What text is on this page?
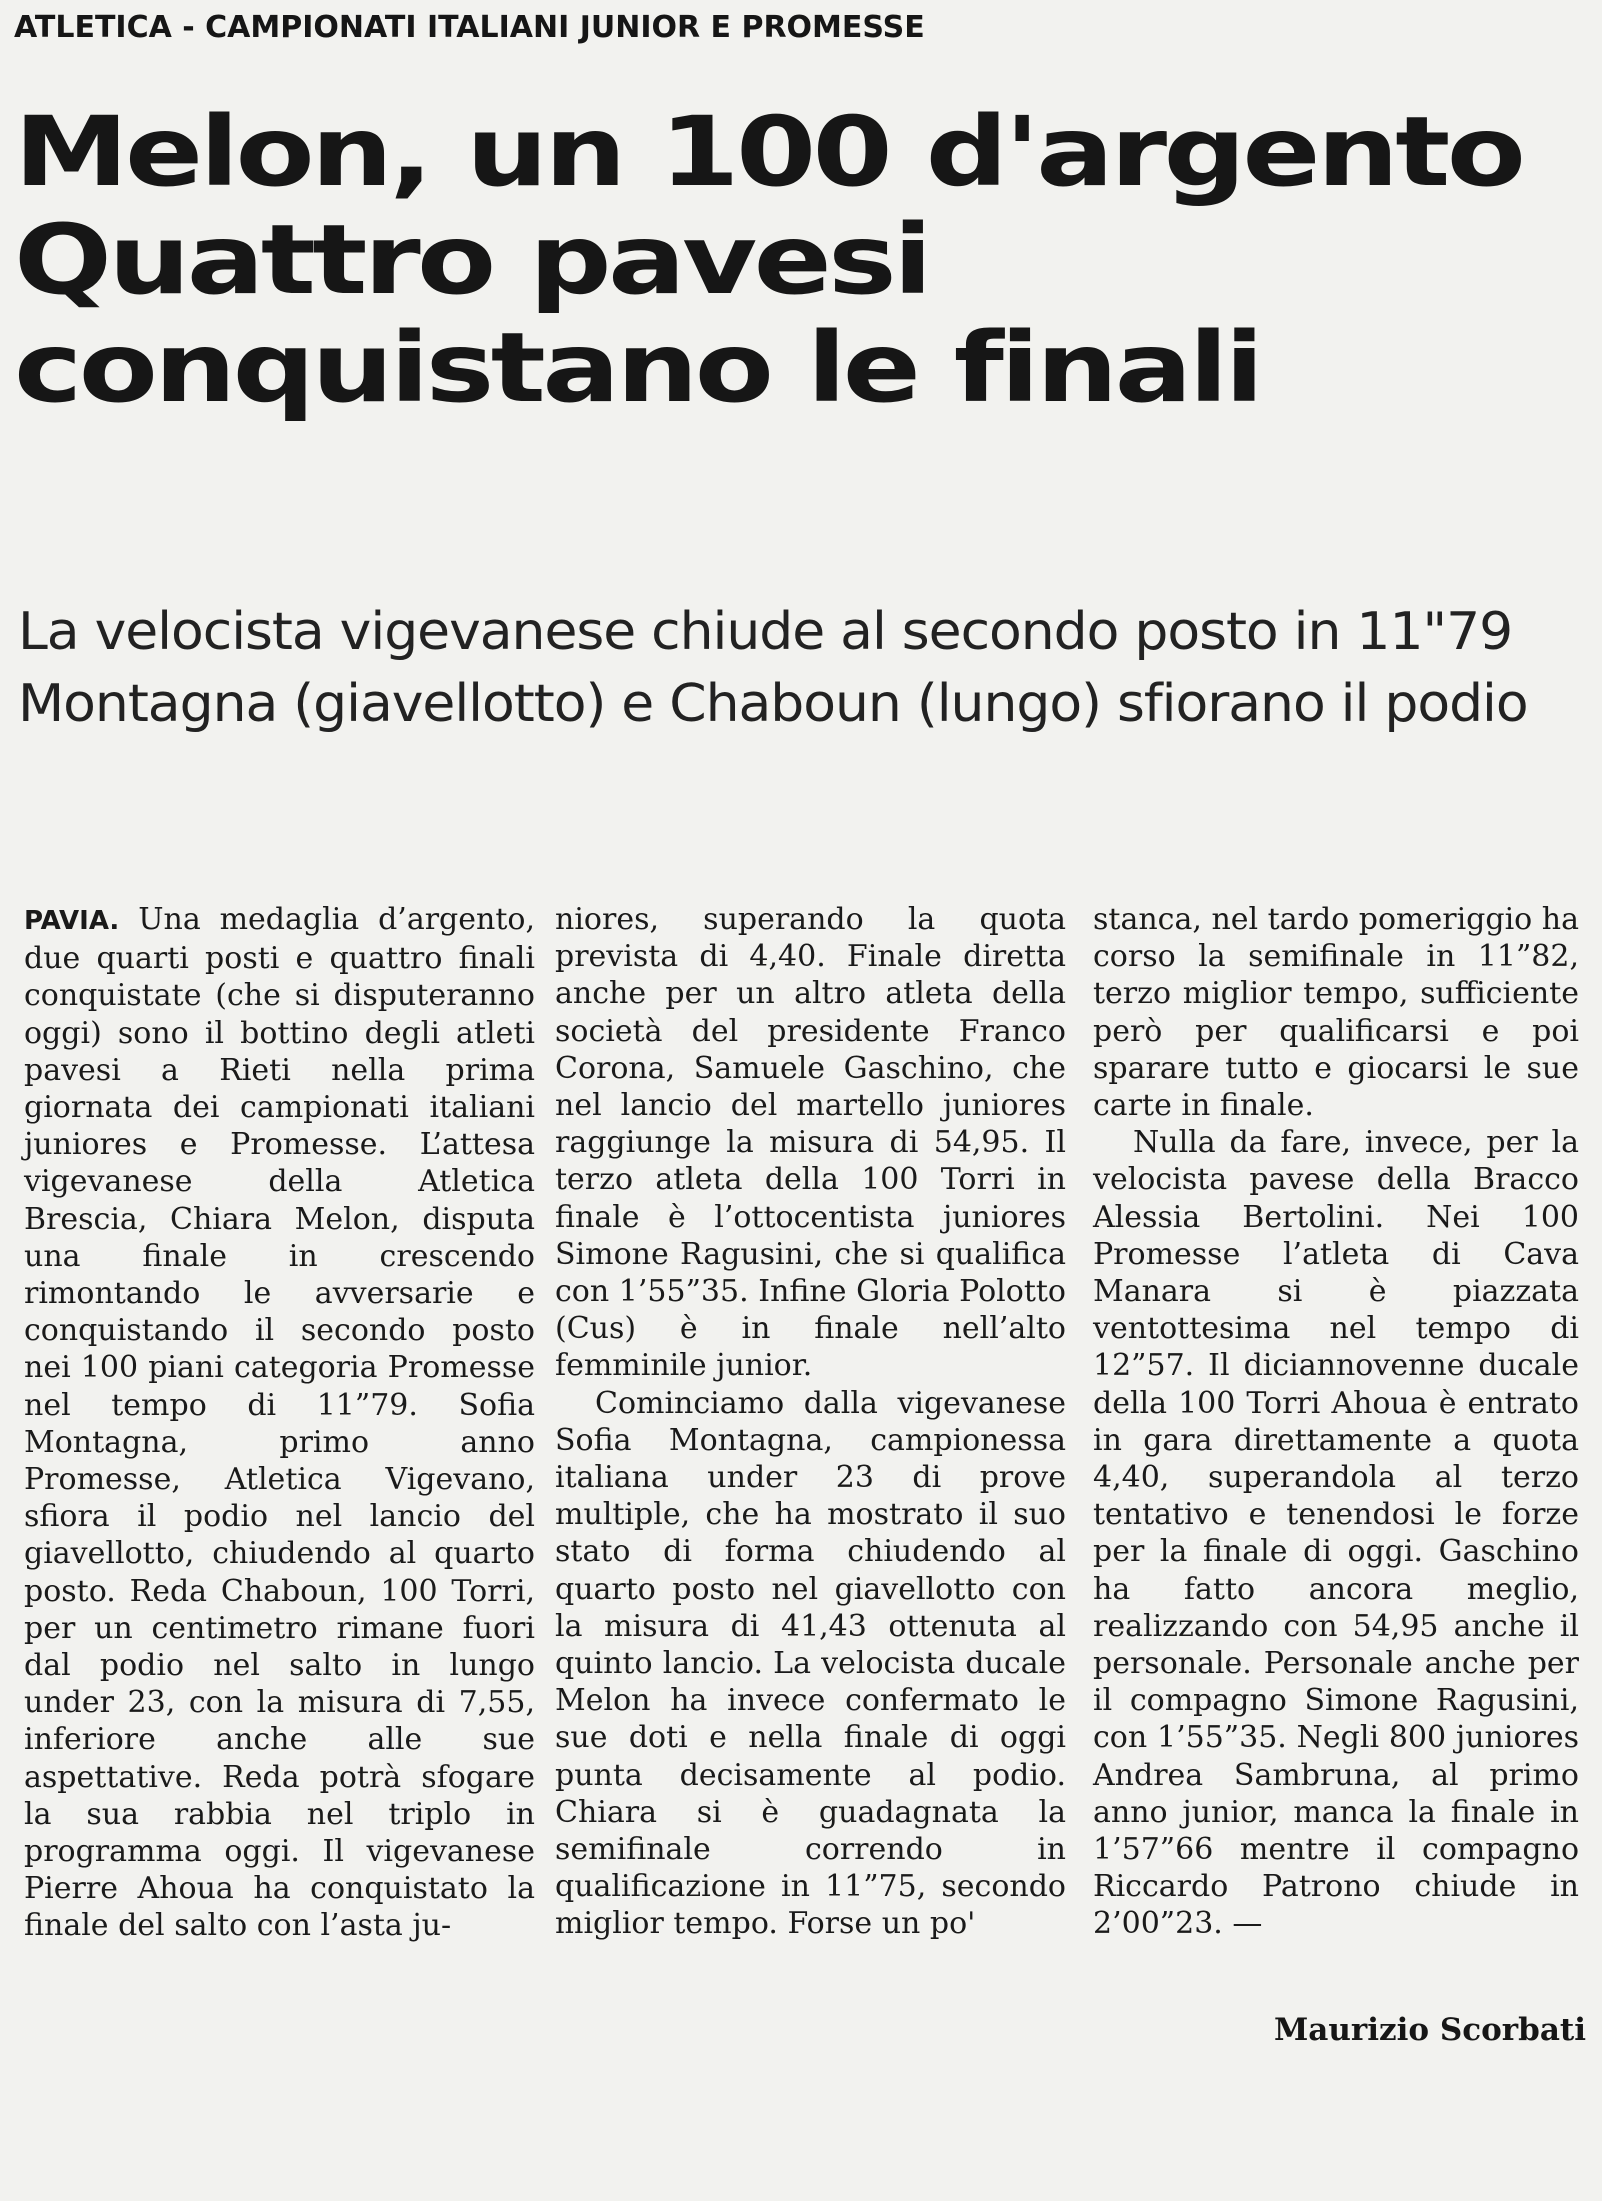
ATLETICA - CAMPIONATI ITALIANI JUNIOR E PROMESSE
Melon, un 100 d'argento
Quattro pavesi
conquistano le finali
La velocista vigevanese chiude al secondo posto in 11"79
Montagna (giavellotto) e Chaboun (lungo) sfiorano il podio

PAVIA. Una medaglia d’argento, due quarti posti e quattro finali conquistate (che si disputeranno oggi) sono il bottino degli atleti pavesi a Rieti nella prima giornata dei campionati italiani juniores e Promesse. L’attesa vigevanese della Atletica Brescia, Chiara Melon, disputa una finale in crescendo rimontando le avversarie e conquistando il secondo posto nei 100 piani categoria Promesse nel tempo di 11”79. Sofia Montagna, primo anno Promesse, Atletica Vigevano, sfiora il podio nel lancio del giavellotto, chiudendo al quarto posto. Reda Chaboun, 100 Torri, per un centimetro rimane fuori dal podio nel salto in lungo under 23, con la misura di 7,55, inferiore anche alle sue aspettative. Reda potrà sfogare la sua rabbia nel triplo in programma oggi. Il vigevanese Pierre Ahoua ha conquistato la finale del salto con l’asta ju-

niores, superando la quota prevista di 4,40. Finale diretta anche per un altro atleta della società del presidente Franco Corona, Samuele Gaschino, che nel lancio del martello juniores raggiunge la misura di 54,95. Il terzo atleta della 100 Torri in finale è l’ottocentista juniores Simone Ragusini, che si qualifica con 1’55”35. Infine Gloria Polotto (Cus) è in finale nell’alto femminile junior.

Cominciamo dalla vigevanese Sofia Montagna, campionessa italiana under 23 di prove multiple, che ha mostrato il suo stato di forma chiudendo al quarto posto nel giavellotto con la misura di 41,43 ottenuta al quinto lancio. La velocista ducale Melon ha invece confermato le sue doti e nella finale di oggi punta decisamente al podio. Chiara si è guadagnata la semifinale correndo in qualificazione in 11”75, secondo miglior tempo. Forse un po'

stanca, nel tardo pomeriggio ha corso la semifinale in 11”82, terzo miglior tempo, sufficiente però per qualificarsi e poi sparare tutto e giocarsi le sue carte in finale.

Nulla da fare, invece, per la velocista pavese della Bracco Alessia Bertolini. Nei 100 Promesse l’atleta di Cava Manara si è piazzata ventottesima nel tempo di 12”57. Il diciannovenne ducale della 100 Torri Ahoua è entrato in gara direttamente a quota 4,40, superandola al terzo tentativo e tenendosi le forze per la finale di oggi. Gaschino ha fatto ancora meglio, realizzando con 54,95 anche il personale. Personale anche per il compagno Simone Ragusini, con 1’55”35. Negli 800 juniores Andrea Sambruna, al primo anno junior, manca la finale in 1’57”66 mentre il compagno Riccardo Patrono chiude in 2’00”23. —

Maurizio Scorbati
